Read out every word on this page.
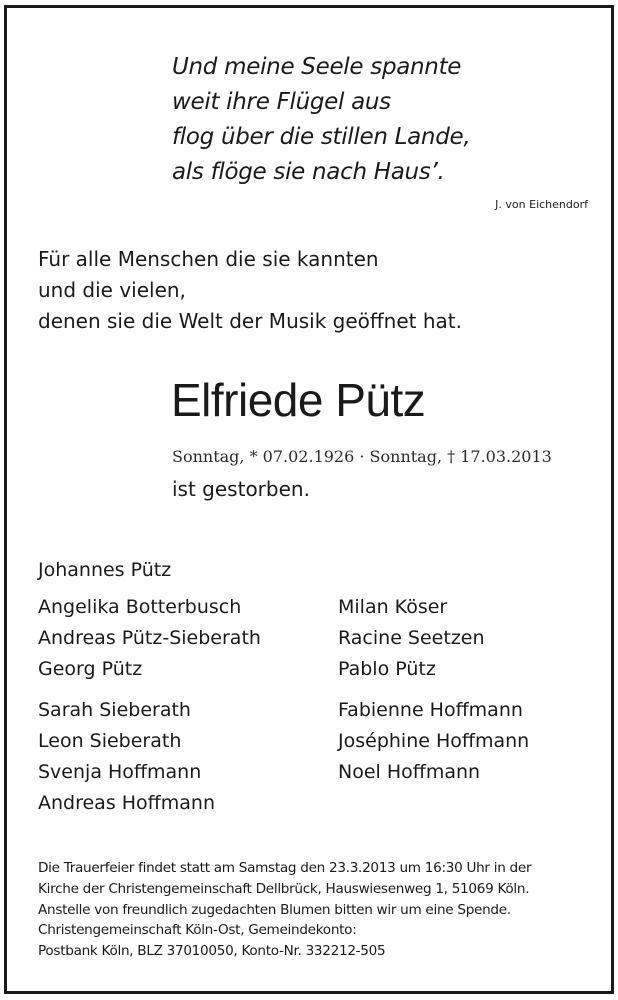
Und meine Seele spannte
weit ihre Flügel aus
flog über die stillen Lande,
als flöge sie nach Haus’.
J. von Eichendorf
Für alle Menschen die sie kannten
und die vielen,
denen sie die Welt der Musik geöffnet hat.
Elfriede Pütz
Sonntag, * 07.02.1926 · Sonntag, † 17.03.2013
ist gestorben.
Johannes Pütz
Angelika Botterbusch
Andreas Pütz-Sieberath
Georg Pütz
Sarah Sieberath
Leon Sieberath
Svenja Hoffmann
Andreas Hoffmann
Milan Köser
Racine Seetzen
Pablo Pütz
Fabienne Hoffmann
Joséphine Hoffmann
Noel Hoffmann
Die Trauerfeier findet statt am Samstag den 23.3.2013 um 16:30 Uhr in der
Kirche der Christengemeinschaft Dellbrück, Hauswiesenweg 1, 51069 Köln.
Anstelle von freundlich zugedachten Blumen bitten wir um eine Spende.
Christengemeinschaft Köln-Ost, Gemeindekonto:
Postbank Köln, BLZ 37010050, Konto-Nr. 332212-505
